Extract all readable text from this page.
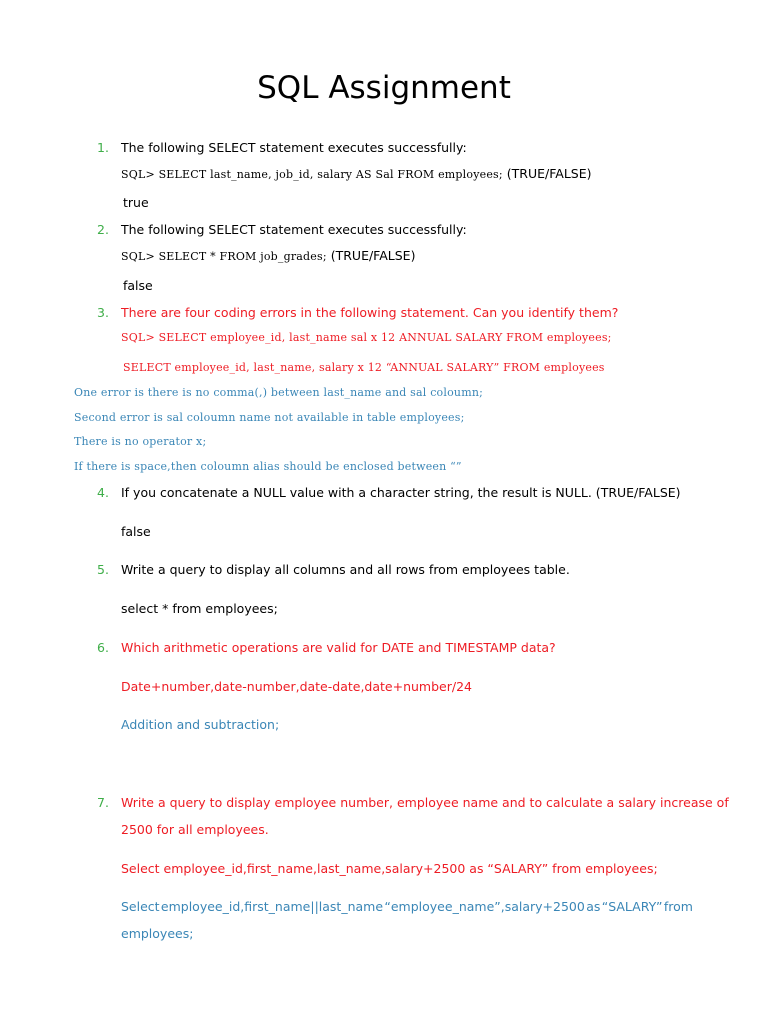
SQL Assignment
1. The following SELECT statement executes successfully:
SQL> SELECT last_name, job_id, salary AS Sal FROM employees; (TRUE/FALSE)
true
2. The following SELECT statement executes successfully:
SQL> SELECT * FROM job_grades; (TRUE/FALSE)
false
3. There are four coding errors in the following statement. Can you identify them?
SQL> SELECT employee_id, last_name sal x 12 ANNUAL SALARY FROM employees;
SELECT employee_id, last_name, salary x 12 “ANNUAL SALARY” FROM employees
One error is there is no comma(,) between last_name and sal coloumn;
Second error is sal coloumn name not available in table employees;
There is no operator x;
If there is space,then coloumn alias should be enclosed between “”
4. If you concatenate a NULL value with a character string, the result is NULL. (TRUE/FALSE)
false
5. Write a query to display all columns and all rows from employees table.
select * from employees;
6. Which arithmetic operations are valid for DATE and TIMESTAMP data?
Date+number,date-number,date-date,date+number/24
Addition and subtraction;
7. Write a query to display employee number, employee name and to calculate a salary increase of
2500 for all employees.
Select employee_id,first_name,last_name,salary+2500 as “SALARY” from employees;
Select employee_id,first_name||last_name “employee_name”,salary+2500 as “SALARY” from
employees;
